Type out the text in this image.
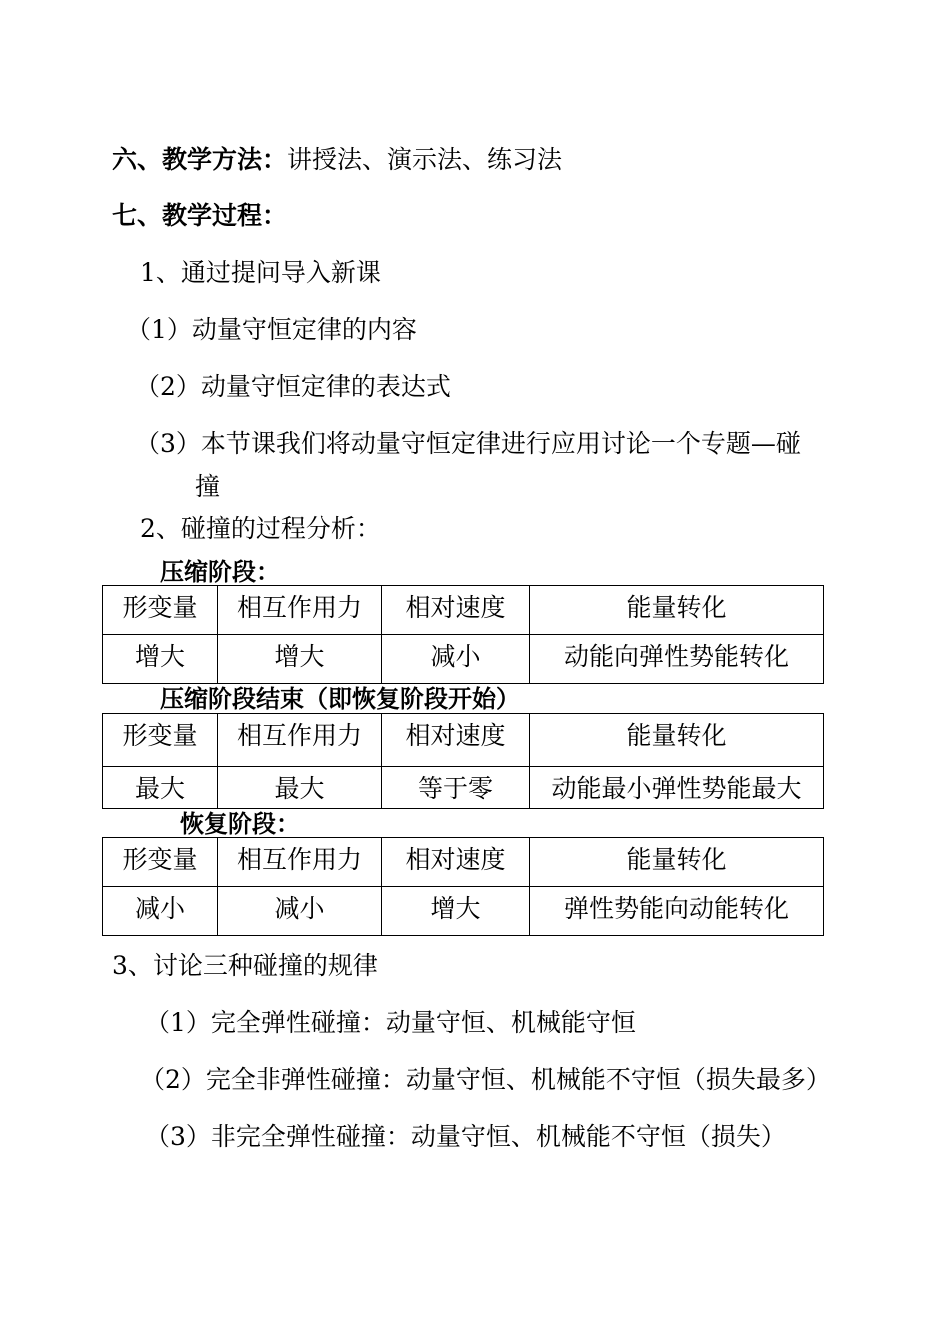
六、教学方法：讲授法、演示法、练习法
七、教学过程：
1、通过提问导入新课
（1）动量守恒定律的内容
（2）动量守恒定律的表达式
（3）本节课我们将动量守恒定律进行应用讨论一个专题—碰
撞
2、碰撞的过程分析：
压缩阶段：
形变量	相互作用力	相对速度	能量转化
增大	增大	减小	动能向弹性势能转化
压缩阶段结束（即恢复阶段开始）
形变量	相互作用力	相对速度	能量转化
最大	最大	等于零	动能最小弹性势能最大
恢复阶段：
形变量	相互作用力	相对速度	能量转化
减小	减小	增大	弹性势能向动能转化
3、讨论三种碰撞的规律
（1）完全弹性碰撞：动量守恒、机械能守恒
（2）完全非弹性碰撞：动量守恒、机械能不守恒（损失最多）
（3）非完全弹性碰撞：动量守恒、机械能不守恒（损失）
